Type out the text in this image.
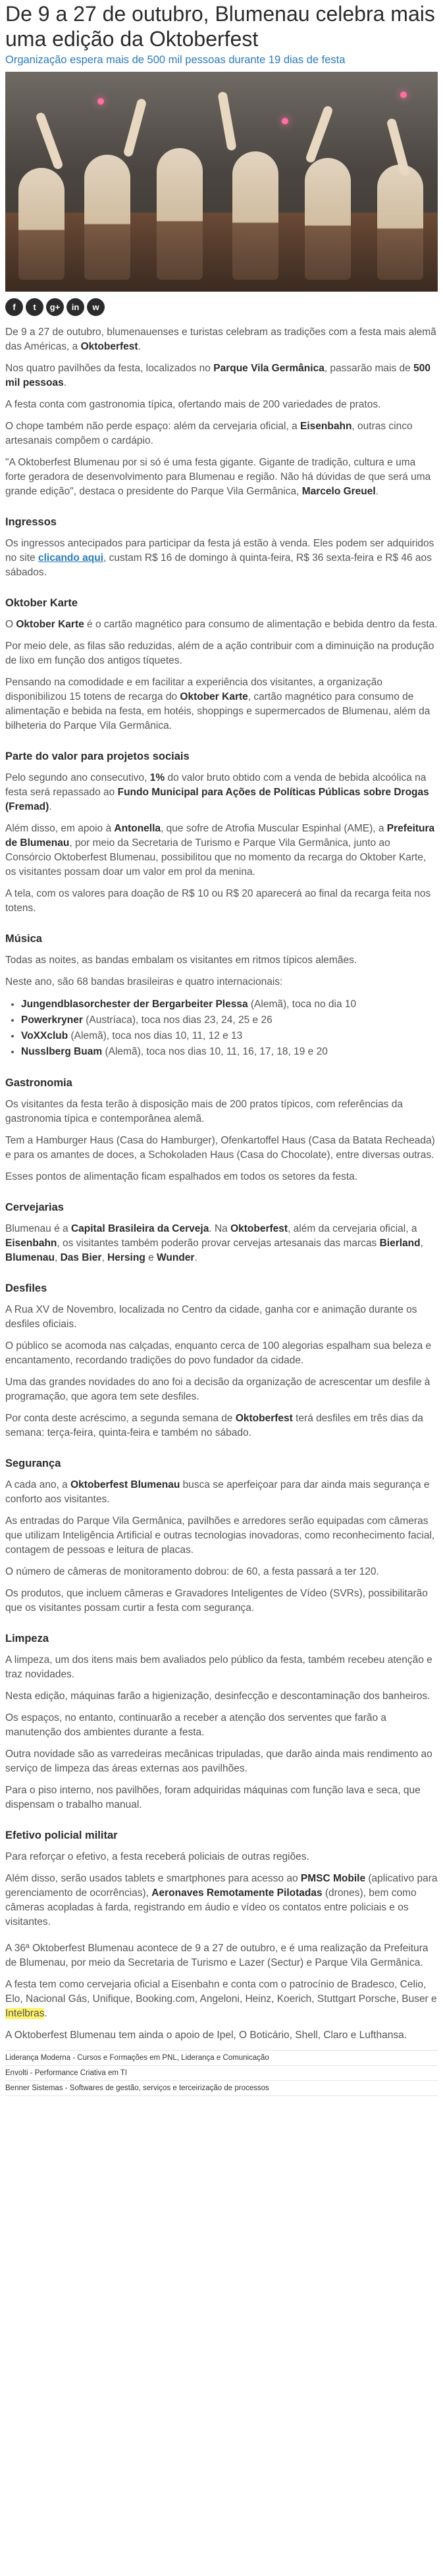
De 9 a 27 de outubro, Blumenau celebra mais uma edição da Oktoberfest
Organização espera mais de 500 mil pessoas durante 19 dias de festa
f	t	g+	in	w

De 9 a 27 de outubro, blumenauenses e turistas celebram as tradições com a festa mais alemã das Américas, a Oktoberfest.

Nos quatro pavilhões da festa, localizados no Parque Vila Germânica, passarão mais de 500 mil pessoas.

A festa conta com gastronomia típica, ofertando mais de 200 variedades de pratos.

O chope também não perde espaço: além da cervejaria oficial, a Eisenbahn, outras cinco artesanais compõem o cardápio.

"A Oktoberfest Blumenau por si só é uma festa gigante. Gigante de tradição, cultura e uma forte geradora de desenvolvimento para Blumenau e região. Não há dúvidas de que será uma grande edição", destaca o presidente do Parque Vila Germânica, Marcelo Greuel.

Ingressos

Os ingressos antecipados para participar da festa já estão à venda. Eles podem ser adquiridos no site clicando aqui, custam R$ 16 de domingo à quinta-feira, R$ 36 sexta-feira e R$ 46 aos sábados.

Oktober Karte

O Oktober Karte é o cartão magnético para consumo de alimentação e bebida dentro da festa.

Por meio dele, as filas são reduzidas, além de a ação contribuir com a diminuição na produção de lixo em função dos antigos tíquetes.

Pensando na comodidade e em facilitar a experiência dos visitantes, a organização disponibilizou 15 totens de recarga do Oktober Karte, cartão magnético para consumo de alimentação e bebida na festa, em hotéis, shoppings e supermercados de Blumenau, além da bilheteria do Parque Vila Germânica.

Parte do valor para projetos sociais

Pelo segundo ano consecutivo, 1% do valor bruto obtido com a venda de bebida alcoólica na festa será repassado ao Fundo Municipal para Ações de Políticas Públicas sobre Drogas (Fremad).

Além disso, em apoio à Antonella, que sofre de Atrofia Muscular Espinhal (AME), a Prefeitura de Blumenau, por meio da Secretaria de Turismo e Parque Vila Germânica, junto ao Consórcio Oktoberfest Blumenau, possibilitou que no momento da recarga do Oktober Karte, os visitantes possam doar um valor em prol da menina.

A tela, com os valores para doação de R$ 10 ou R$ 20 aparecerá ao final da recarga feita nos totens.

Música

Todas as noites, as bandas embalam os visitantes em ritmos típicos alemães.

Neste ano, são 68 bandas brasileiras e quatro internacionais:

• Jungendblasorchester der Bergarbeiter Plessa (Alemã), toca no dia 10
• Powerkryner (Austríaca), toca nos dias 23, 24, 25 e 26
• VoXXclub (Alemã), toca nos dias 10, 11, 12 e 13
• Nusslberg Buam (Alemã), toca nos dias 10, 11, 16, 17, 18, 19 e 20
Gastronomia

Os visitantes da festa terão à disposição mais de 200 pratos típicos, com referências da gastronomia típica e contemporânea alemã.

Tem a Hamburger Haus (Casa do Hamburger), Ofenkartoffel Haus (Casa da Batata Recheada) e para os amantes de doces, a Schokoladen Haus (Casa do Chocolate), entre diversas outras.

Esses pontos de alimentação ficam espalhados em todos os setores da festa.

Cervejarias

Blumenau é a Capital Brasileira da Cerveja. Na Oktoberfest, além da cervejaria oficial, a Eisenbahn, os visitantes também poderão provar cervejas artesanais das marcas Bierland, Blumenau, Das Bier, Hersing e Wunder.

Desfiles

A Rua XV de Novembro, localizada no Centro da cidade, ganha cor e animação durante os desfiles oficiais.

O público se acomoda nas calçadas, enquanto cerca de 100 alegorias espalham sua beleza e encantamento, recordando tradições do povo fundador da cidade.

Uma das grandes novidades do ano foi a decisão da organização de acrescentar um desfile à programação, que agora tem sete desfiles.

Por conta deste acréscimo, a segunda semana de Oktoberfest terá desfiles em três dias da semana: terça-feira, quinta-feira e também no sábado.

Segurança

A cada ano, a Oktoberfest Blumenau busca se aperfeiçoar para dar ainda mais segurança e conforto aos visitantes.

As entradas do Parque Vila Germânica, pavilhões e arredores serão equipadas com câmeras que utilizam Inteligência Artificial e outras tecnologias inovadoras, como reconhecimento facial, contagem de pessoas e leitura de placas.

O número de câmeras de monitoramento dobrou: de 60, a festa passará a ter 120.

Os produtos, que incluem câmeras e Gravadores Inteligentes de Vídeo (SVRs), possibilitarão que os visitantes possam curtir a festa com segurança.

Limpeza

A limpeza, um dos itens mais bem avaliados pelo público da festa, também recebeu atenção e traz novidades.

Nesta edição, máquinas farão a higienização, desinfecção e descontaminação dos banheiros.

Os espaços, no entanto, continuarão a receber a atenção dos serventes que farão a manutenção dos ambientes durante a festa.

Outra novidade são as varredeiras mecânicas tripuladas, que darão ainda mais rendimento ao serviço de limpeza das áreas externas aos pavilhões.

Para o piso interno, nos pavilhões, foram adquiridas máquinas com função lava e seca, que dispensam o trabalho manual.

Efetivo policial militar

Para reforçar o efetivo, a festa receberá policiais de outras regiões.

Além disso, serão usados tablets e smartphones para acesso ao PMSC Mobile (aplicativo para gerenciamento de ocorrências), Aeronaves Remotamente Pilotadas (drones), bem como câmeras acopladas à farda, registrando em áudio e vídeo os contatos entre policiais e os visitantes.

A 36ª Oktoberfest Blumenau acontece de 9 a 27 de outubro, e é uma realização da Prefeitura de Blumenau, por meio da Secretaria de Turismo e Lazer (Sectur) e Parque Vila Germânica.

A festa tem como cervejaria oficial a Eisenbahn e conta com o patrocínio de Bradesco, Celio, Elo, Nacional Gás, Unifique, Booking.com, Angeloni, Heinz, Koerich, Stuttgart Porsche, Buser e Intelbras.

A Oktoberfest Blumenau tem ainda o apoio de Ipel, O Boticário, Shell, Claro e Lufthansa.

Liderança Moderna - Cursos e Formações em PNL, Liderança e Comunicação
Envolti - Performance Criativa em TI
Benner Sistemas - Softwares de gestão, serviços e terceirização de processos
